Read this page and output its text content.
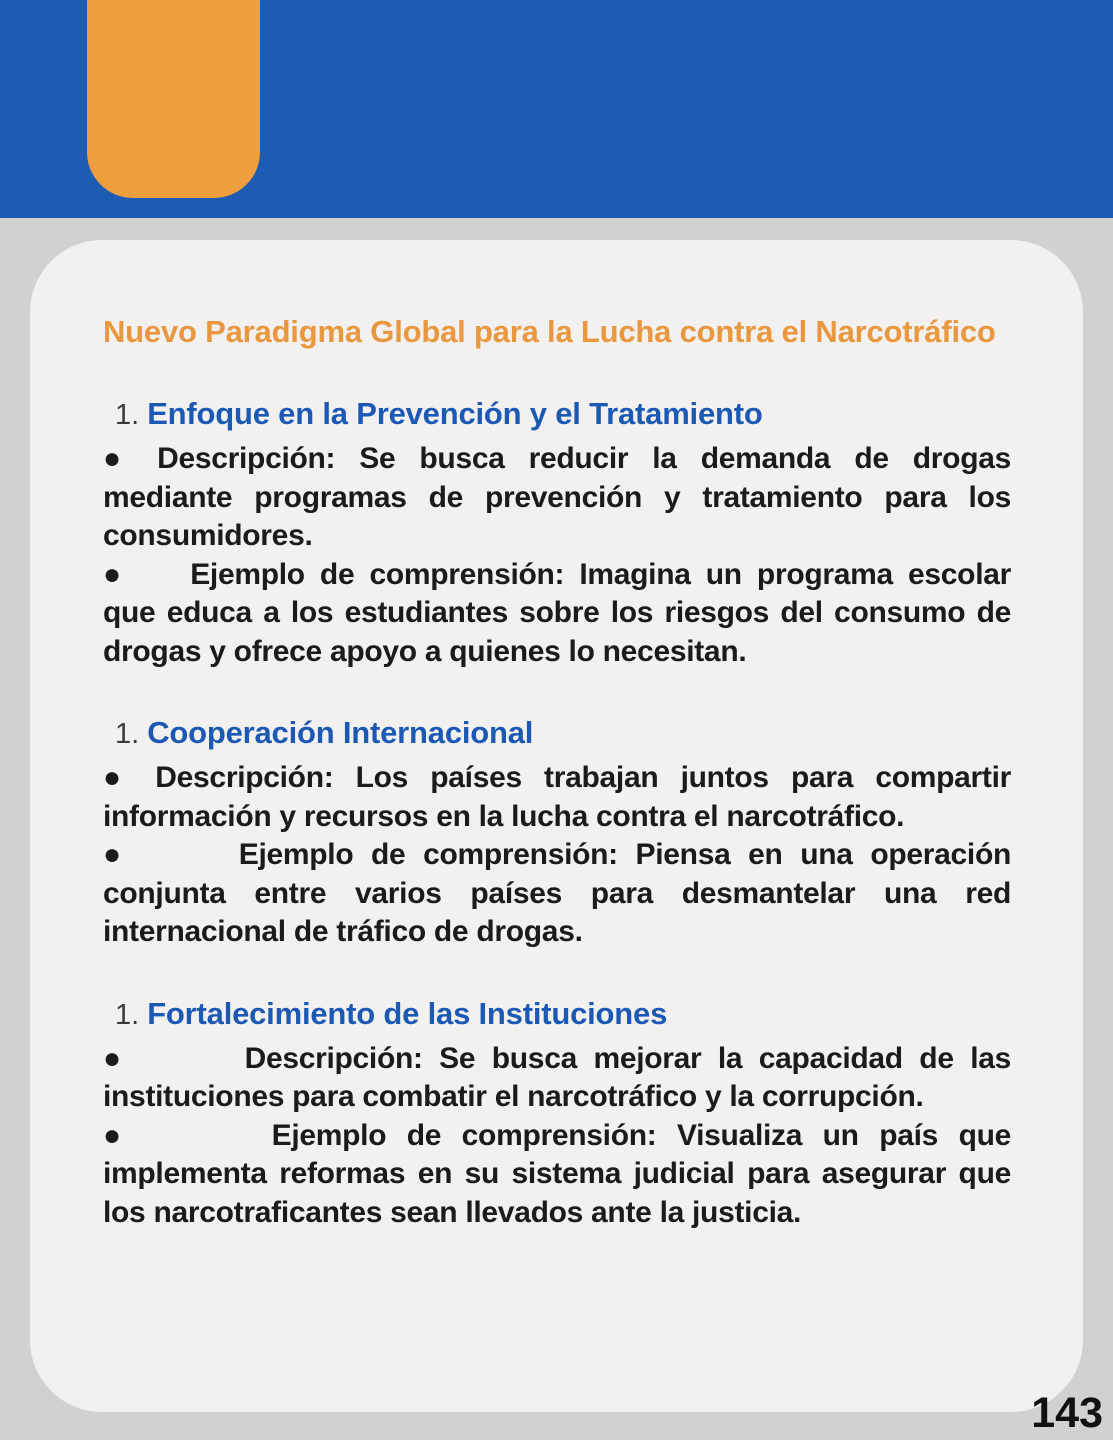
Nuevo Paradigma Global para la Lucha contra el Narcotráfico
1. Enfoque en la Prevención y el Tratamiento

● Descripción: Se busca reducir la demanda de drogas mediante programas de prevención y tratamiento para los consumidores.

● Ejemplo de comprensión: Imagina un programa escolar que educa a los estudiantes sobre los riesgos del consumo de drogas y ofrece apoyo a quienes lo necesitan.

1. Cooperación Internacional

● Descripción: Los países trabajan juntos para compartir información y recursos en la lucha contra el narcotráfico.

●	Ejemplo de comprensión: Piensa en una operación conjunta entre varios países para desmantelar una red internacional de tráfico de drogas.

1. Fortalecimiento de las Instituciones

●	Descripción: Se busca mejorar la capacidad de las instituciones para combatir el narcotráfico y la corrupción.

●	Ejemplo de comprensión: Visualiza un país que implementa reformas en su sistema judicial para asegurar que los narcotraficantes sean llevados ante la justicia.

143
